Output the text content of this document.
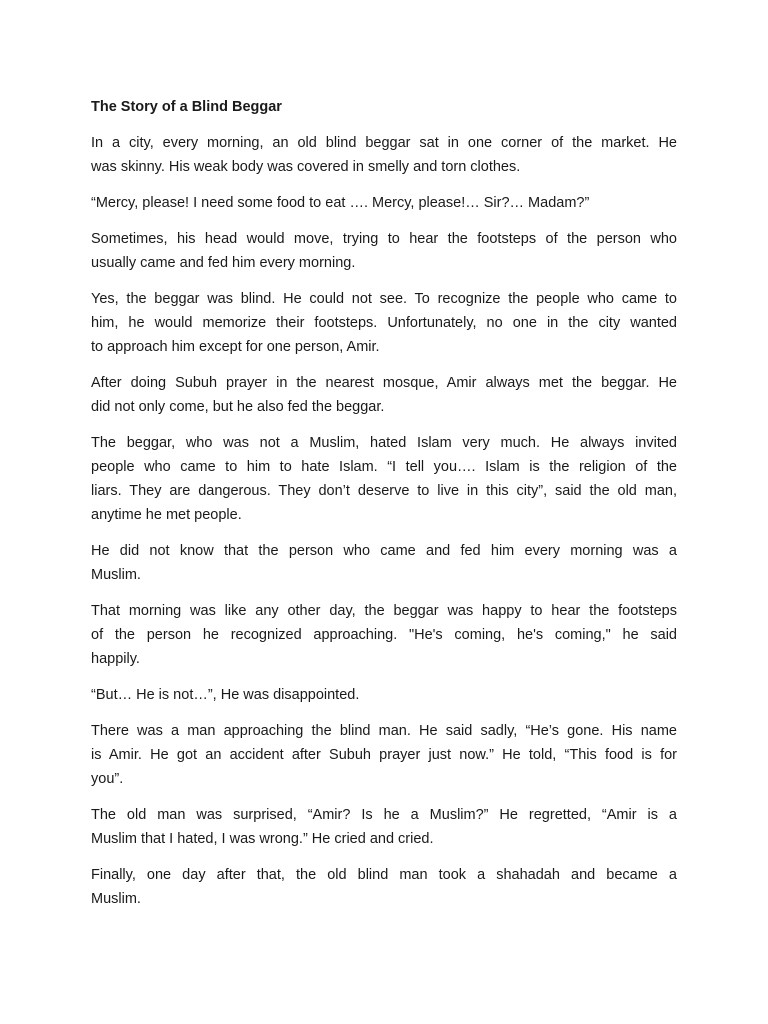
The Story of a Blind Beggar
In a city, every morning, an old blind beggar sat in one corner of the market. He
was skinny. His weak body was covered in smelly and torn clothes.
“Mercy, please! I need some food to eat …. Mercy, please!… Sir?… Madam?”
Sometimes, his head would move, trying to hear the footsteps of the person who
usually came and fed him every morning.
Yes, the beggar was blind. He could not see. To recognize the people who came to
him, he would memorize their footsteps. Unfortunately, no one in the city wanted
to approach him except for one person, Amir.
After doing Subuh prayer in the nearest mosque, Amir always met the beggar. He
did not only come, but he also fed the beggar.
The beggar, who was not a Muslim, hated Islam very much. He always invited
people who came to him to hate Islam. “I tell you…. Islam is the religion of the
liars. They are dangerous. They don’t deserve to live in this city”, said the old man,
anytime he met people.
He did not know that the person who came and fed him every morning was a
Muslim.
That morning was like any other day, the beggar was happy to hear the footsteps
of the person he recognized approaching. "He's coming, he's coming," he said
happily.
“But… He is not…”, He was disappointed.
There was a man approaching the blind man. He said sadly, “He’s gone. His name
is Amir. He got an accident after Subuh prayer just now.” He told, “This food is for
you”.
The old man was surprised, “Amir? Is he a Muslim?” He regretted, “Amir is a
Muslim that I hated, I was wrong.” He cried and cried.
Finally, one day after that, the old blind man took a shahadah and became a
Muslim.
